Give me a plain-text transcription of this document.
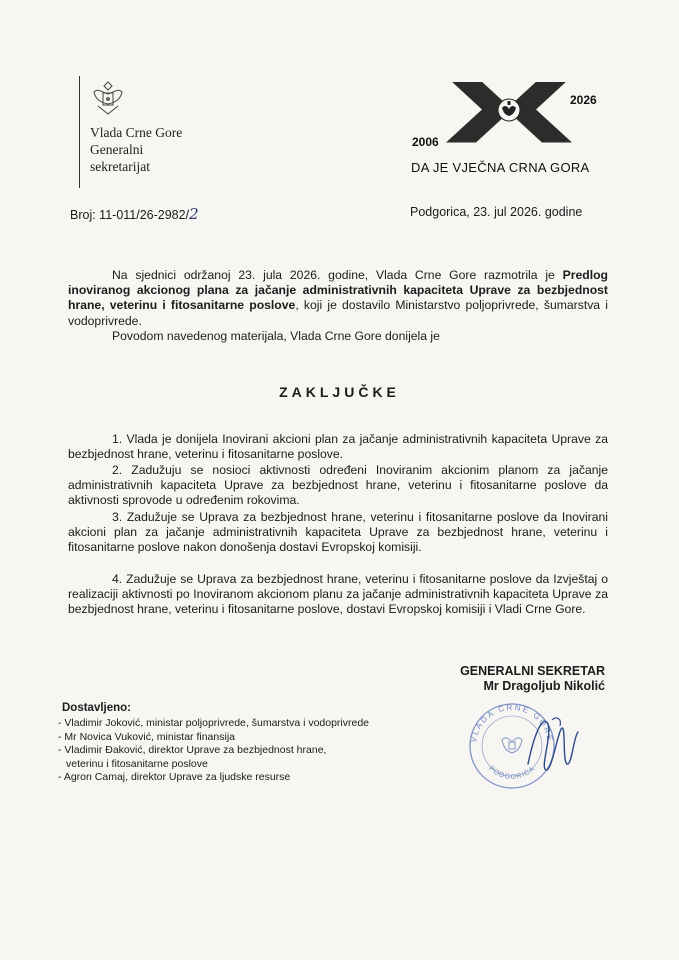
Vlada Crne Gore
Generalni
sekretarijat
2006
2026
DA JE VJEČNA CRNA GORA
Broj: 11-011/26-2982/2	Podgorica, 23. jul 2026. godine
Na sjednici održanoj 23. jula 2026. godine, Vlada Crne Gore razmotrila je Predlog inoviranog akcionog plana za jačanje administrativnih kapaciteta Uprave za bezbjednost hrane, veterinu i fitosanitarne poslove, koji je dostavilo Ministarstvo poljoprivrede, šumarstva i vodoprivrede.
Povodom navedenog materijala, Vlada Crne Gore donijela je
ZAKLJUČKE
1. Vlada je donijela Inovirani akcioni plan za jačanje administrativnih kapaciteta Uprave za bezbjednost hrane, veterinu i fitosanitarne poslove.
2. Zadužuju se nosioci aktivnosti određeni Inoviranim akcionim planom za jačanje administrativnih kapaciteta Uprave za bezbjednost hrane, veterinu i fitosanitarne poslove da aktivnosti sprovode u određenim rokovima.
3. Zadužuje se Uprava za bezbjednost hrane, veterinu i fitosanitarne poslove da Inovirani akcioni plan za jačanje administrativnih kapaciteta Uprave za bezbjednost hrane, veterinu i fitosanitarne poslove nakon donošenja dostavi Evropskoj komisiji.
4. Zadužuje se Uprava za bezbjednost hrane, veterinu i fitosanitarne poslove da Izvještaj o realizaciji aktivnosti po Inoviranom akcionom planu za jačanje administrativnih kapaciteta Uprave za bezbjednost hrane, veterinu i fitosanitarne poslove, dostavi Evropskoj komisiji i Vladi Crne Gore.
GENERALNI SEKRETAR
Mr Dragoljub Nikolić
VLADA CRNE GORE
PODGORICA
Dostavljeno:
- Vladimir Joković, ministar poljoprivrede, šumarstva i vodoprivrede
- Mr Novica Vuković, ministar finansija
- Vladimir Đaković, direktor Uprave za bezbjednost hrane,
veterinu i fitosanitarne poslove
- Agron Camaj, direktor Uprave za ljudske resurse
